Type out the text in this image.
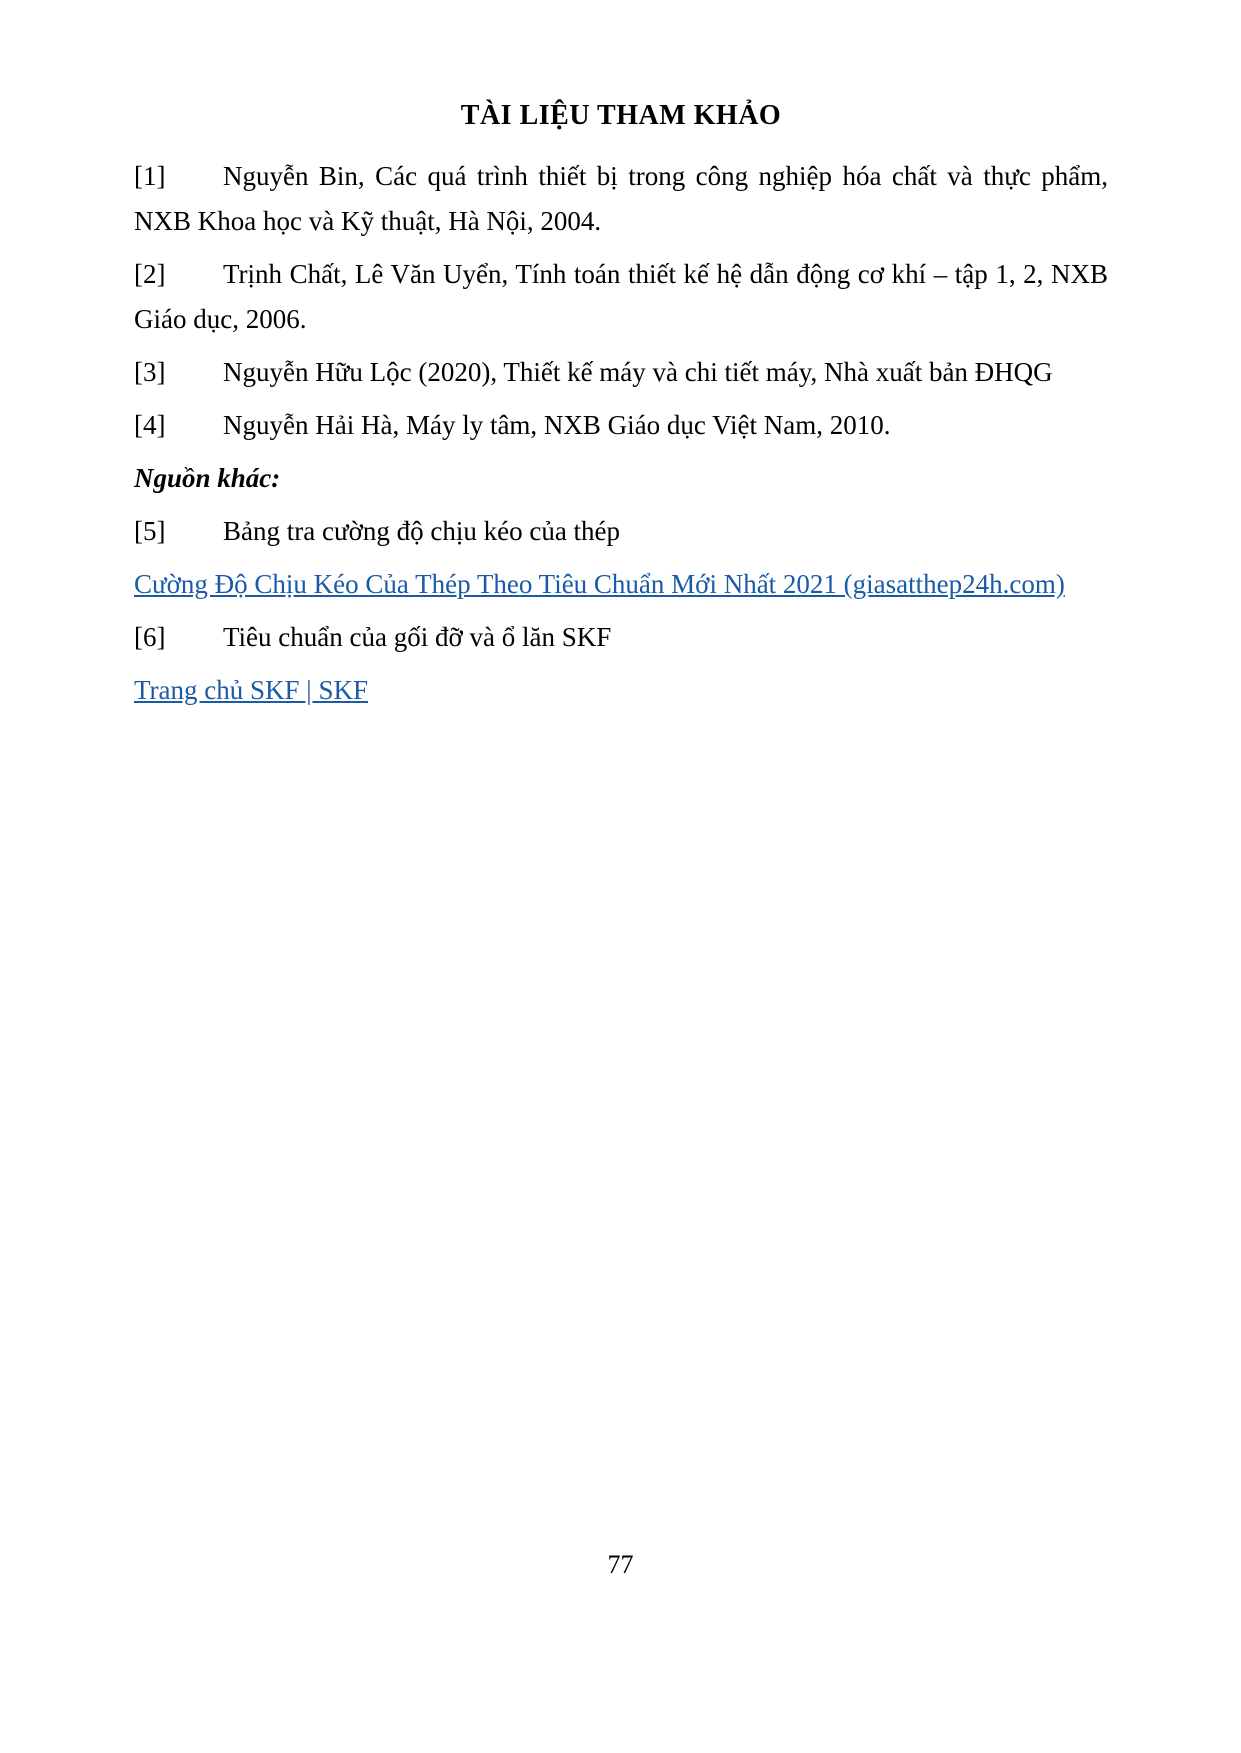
TÀI LIỆU THAM KHẢO

[1] Nguyễn Bin, Các quá trình thiết bị trong công nghiệp hóa chất và thực phẩm, NXB Khoa học và Kỹ thuật, Hà Nội, 2004.

[2] Trịnh Chất, Lê Văn Uyển, Tính toán thiết kế hệ dẫn động cơ khí – tập 1, 2, NXB Giáo dục, 2006.

[3] Nguyễn Hữu Lộc (2020), Thiết kế máy và chi tiết máy, Nhà xuất bản ĐHQG

[4] Nguyễn Hải Hà, Máy ly tâm, NXB Giáo dục Việt Nam, 2010.

Nguồn khác:

[5] Bảng tra cường độ chịu kéo của thép

Cường Độ Chịu Kéo Của Thép Theo Tiêu Chuẩn Mới Nhất 2021 (giasatthep24h.com)

[6] Tiêu chuẩn của gối đỡ và ổ lăn SKF

Trang chủ SKF | SKF

77
